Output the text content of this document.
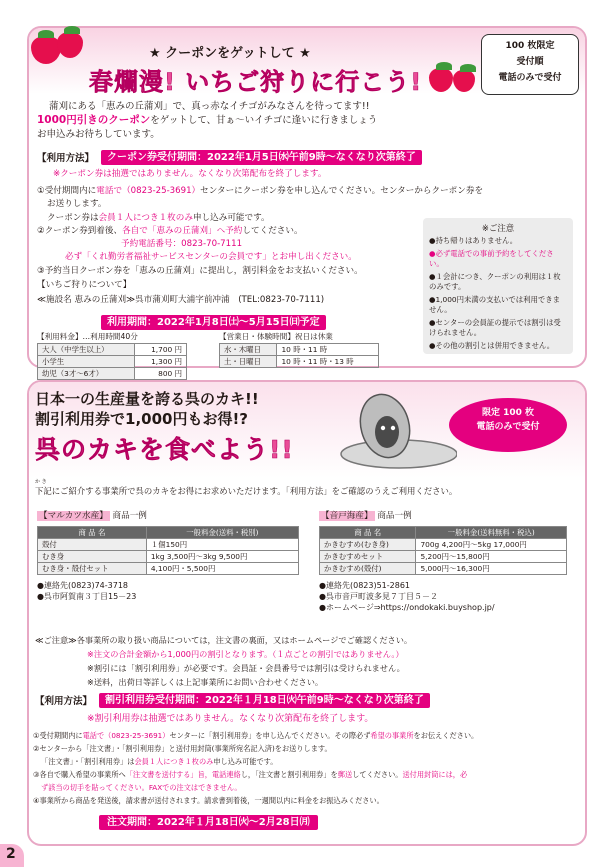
★ クーポンをゲットして ★
春爛漫! いちご狩りに行こう!
100 枚限定
受付順
電話のみで受付
蒲刈にある「恵みの丘蒲刈」で、真っ赤なイチゴがみなさんを待ってます!!
1000円引きのクーポンをゲットして、甘ぁ～いイチゴに逢いに行きましょう
お申込みお待ちしています。
【利用方法】	クーポン券受付期間：2022年1月5日㈬午前9時～なくなり次第終了
※クーポン券は抽選ではありません。なくなり次第配布を終了します。
①受付期間内に電話で（0823-25-3691）センターにクーポン券を申し込んでください。センターからクーポン券を
お送りします。
クーポン券は会員１人につき１枚のみ申し込み可能です。
②クーポン券到着後、各自で「恵みの丘蒲刈」へ予約してください。
予約電話番号：0823-70-7111
必ず「くれ勤労者福祉サービスセンターの会員です」とお申し出ください。
③予約当日クーポン券を「恵みの丘蒲刈」に提出し，割引料金をお支払いください。
【いちご狩りについて】
≪施設名 恵みの丘蒲刈≫呉市蒲刈町大浦字前冲浦　(TEL:0823-70-7111)
利用期間：2022年1月8日㈯～5月15日㈰予定
【利用料金】…利用時間40分
大人（中学生以上）	1,700 円
小学生	1,300 円
幼児（3才～6才）	800 円
【営業日・体験時間】祝日は休業
水・木曜日	10 時・11 時
土・日曜日	10 時・11 時・13 時
※ご注意
●持ち帰りはありません。
●必ず電話での事前予約をしてください。
●１会計につき、クーポンの利用は１枚のみです。
●1,000円未満の支払いでは利用できません。
●センターの会員証の提示では割引は受けられません。
●その他の割引とは併用できません。
日本一の生産量を誇る呉のカキ!!
割引利用券で1,000円もお得!?
呉のカキを食べよう!!
限定 100 枚
電話のみで受付
か き
下記にご紹介する事業所で呉のカキをお得にお求めいただけます。「利用方法」をご確認のうえご利用ください。
【マルカツ水産】 商品一例
商 品 名	一般料金(送料・税別)
殻付	１個150円
むき身	1kg 3,500円～3kg 9,500円
むき身・殻付セット	4,100円・5,500円
●連絡先(0823)74-3718
●呉市阿賀南３丁目15－23
【音戸海産】 商品一例
商 品 名	一般料金(送料無料・税込)
かきむすめ(むき身)	700g 4,200円～5kg 17,000円
かきむすめセット	5,200円～15,800円
かきむすめ(殻付)	5,000円～16,300円
●連絡先(0823)51-2861
●呉市音戸町波多見７丁目５－２
●ホームページ⇒https://ondokaki.buyshop.jp/
≪ご注意≫各事業所の取り扱い商品については，注文書の裏面，又はホームページでご確認ください。
※注文の合計金額から1,000円の割引となります。（１点ごとの割引ではありません。）
※割引には「割引利用券」が必要です。会員証・会員番号では割引は受けられません。
※送料，出荷日等詳しくは上記事業所にお問い合わせください。
【利用方法】	割引利用券受付期間：2022年１月18日㈫午前9時～なくなり次第終了
※割引利用券は抽選ではありません。なくなり次第配布を終了します。
①受付期間内に電話で（0823-25-3691）センターに「割引利用券」を申し込んでください。その際必ず希望の事業所をお伝えください。
②センターから「注文書」・「割引利用券」と送付用封筒(事業所宛名記入済)をお送りします。
「注文書」・「割引利用券」は会員１人につき１枚のみ申し込み可能です。
③各自で購入希望の事業所へ「注文書を送付する」旨，電話連絡し，「注文書と割引利用券」を郵送してください。送付用封筒には，必
ず該当の切手を貼ってください。FAXでの注文はできません。
④事業所から商品を発送後，請求書が送付されます。請求書到着後，一週間以内に料金をお振込みください。
注文期間：2022年１月18日㈫～2月28日㈪
2
